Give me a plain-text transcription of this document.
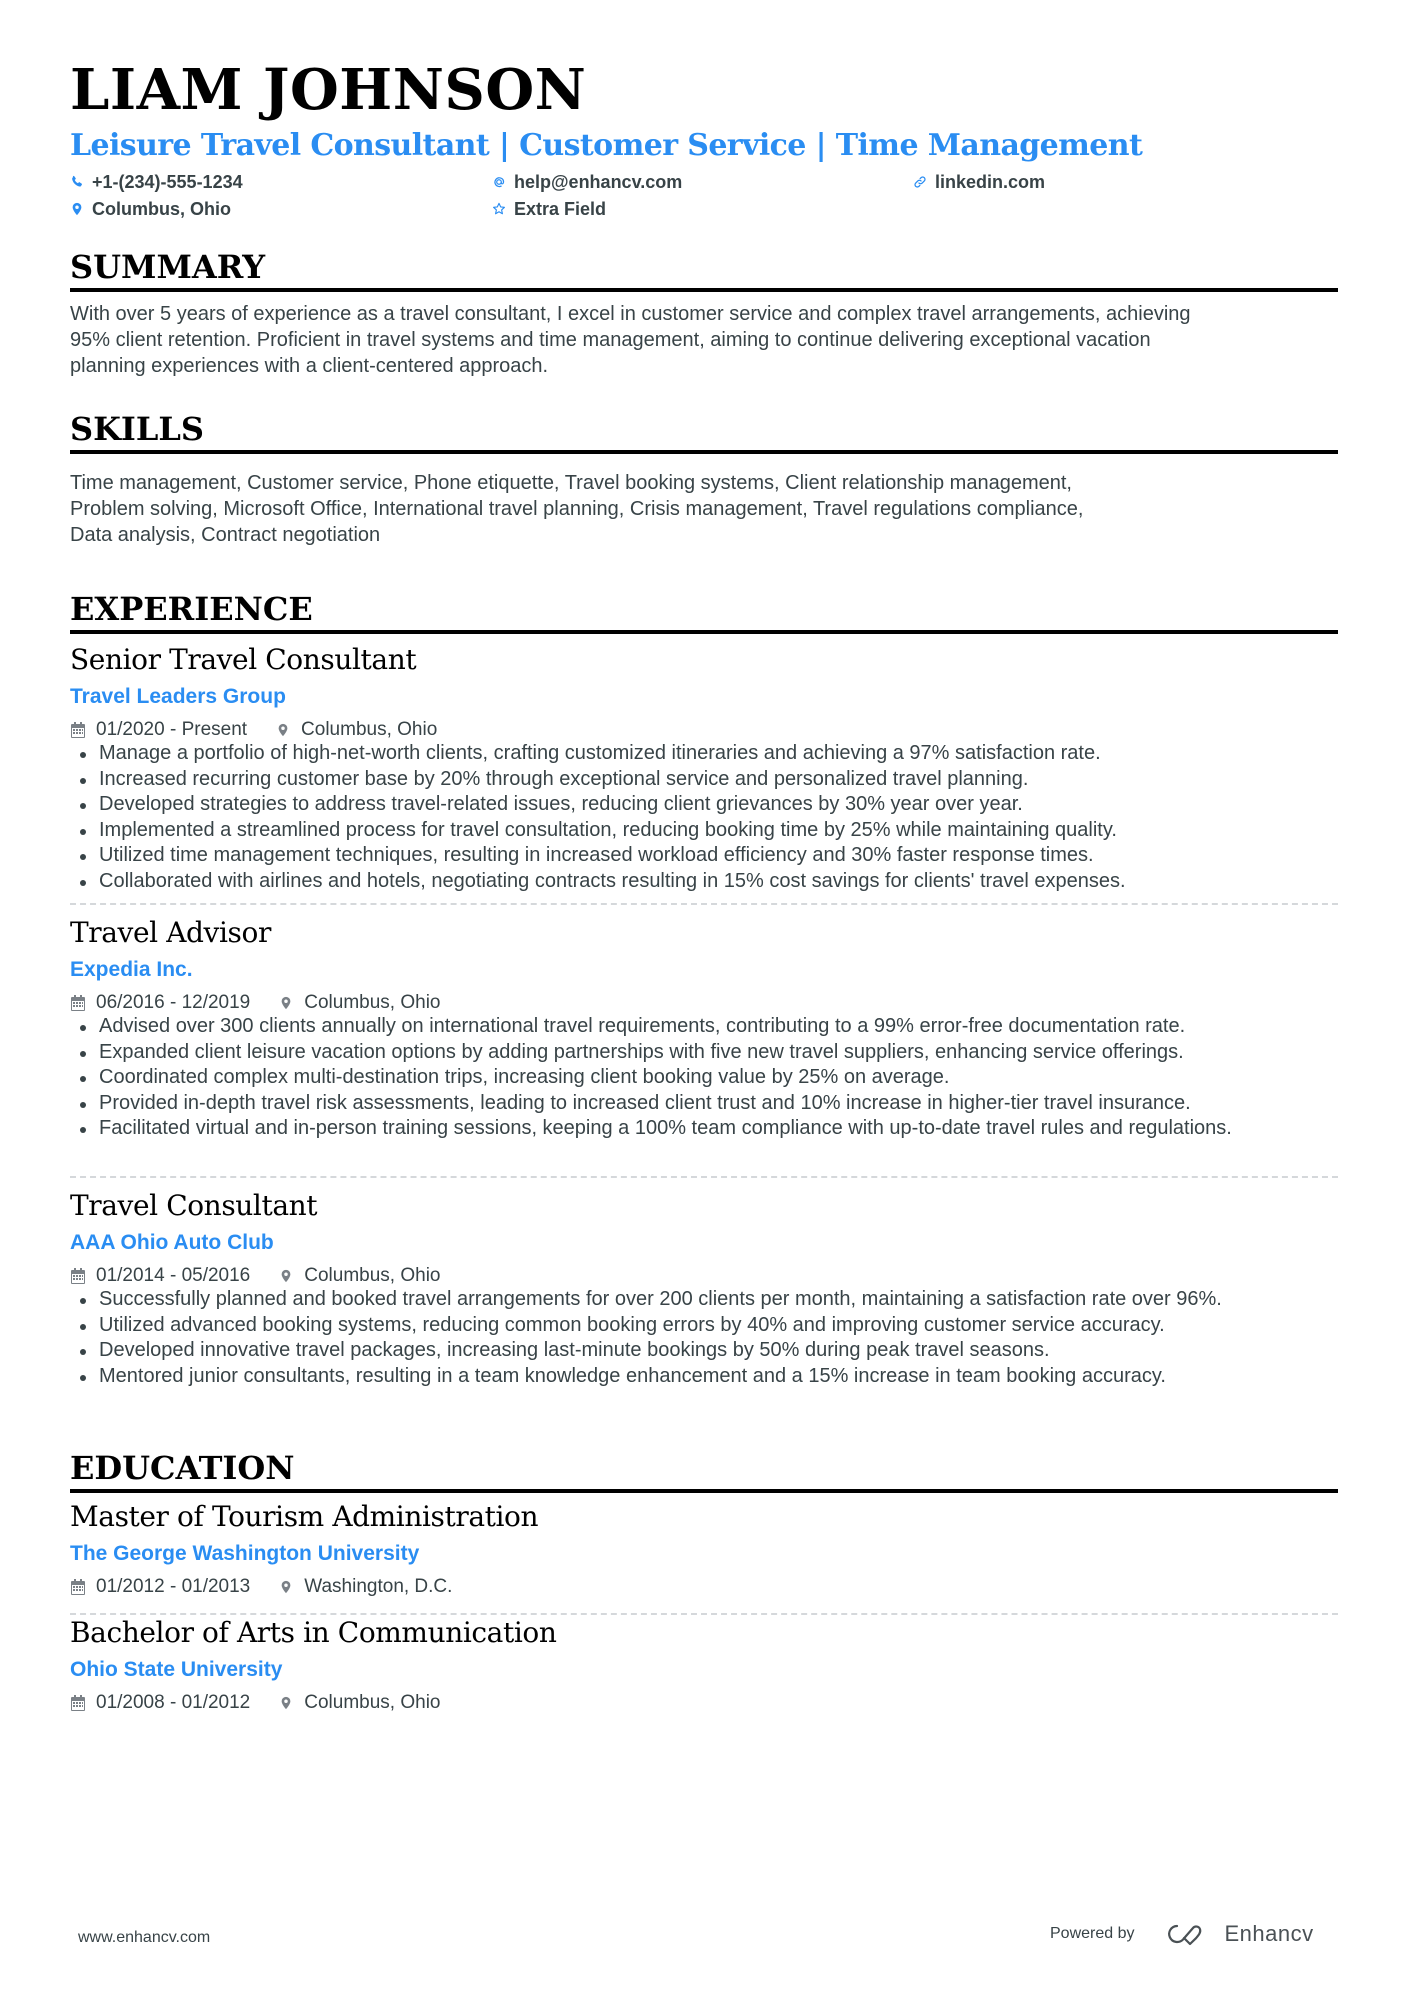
LIAM JOHNSON
Leisure Travel Consultant | Customer Service | Time Management
+1-(234)-555-1234	help@enhancv.com	linkedin.com
Columbus, Ohio	Extra Field
SUMMARY
With over 5 years of experience as a travel consultant, I excel in customer service and complex travel arrangements, achieving
95% client retention. Proficient in travel systems and time management, aiming to continue delivering exceptional vacation
planning experiences with a client-centered approach.
SKILLS
Time management, Customer service, Phone etiquette, Travel booking systems, Client relationship management,
Problem solving, Microsoft Office, International travel planning, Crisis management, Travel regulations compliance,
Data analysis, Contract negotiation
EXPERIENCE
Senior Travel Consultant
Travel Leaders Group
01/2020 - Present	Columbus, Ohio
Manage a portfolio of high-net-worth clients, crafting customized itineraries and achieving a 97% satisfaction rate.
Increased recurring customer base by 20% through exceptional service and personalized travel planning.
Developed strategies to address travel-related issues, reducing client grievances by 30% year over year.
Implemented a streamlined process for travel consultation, reducing booking time by 25% while maintaining quality.
Utilized time management techniques, resulting in increased workload efficiency and 30% faster response times.
Collaborated with airlines and hotels, negotiating contracts resulting in 15% cost savings for clients' travel expenses.
Travel Advisor
Expedia Inc.
06/2016 - 12/2019	Columbus, Ohio
Advised over 300 clients annually on international travel requirements, contributing to a 99% error-free documentation rate.
Expanded client leisure vacation options by adding partnerships with five new travel suppliers, enhancing service offerings.
Coordinated complex multi-destination trips, increasing client booking value by 25% on average.
Provided in-depth travel risk assessments, leading to increased client trust and 10% increase in higher-tier travel insurance.
Facilitated virtual and in-person training sessions, keeping a 100% team compliance with up-to-date travel rules and regulations.
Travel Consultant
AAA Ohio Auto Club
01/2014 - 05/2016	Columbus, Ohio
Successfully planned and booked travel arrangements for over 200 clients per month, maintaining a satisfaction rate over 96%.
Utilized advanced booking systems, reducing common booking errors by 40% and improving customer service accuracy.
Developed innovative travel packages, increasing last-minute bookings by 50% during peak travel seasons.
Mentored junior consultants, resulting in a team knowledge enhancement and a 15% increase in team booking accuracy.
EDUCATION
Master of Tourism Administration
The George Washington University
01/2012 - 01/2013	Washington, D.C.
Bachelor of Arts in Communication
Ohio State University
01/2008 - 01/2012	Columbus, Ohio
www.enhancv.com	Powered by	Enhancv
